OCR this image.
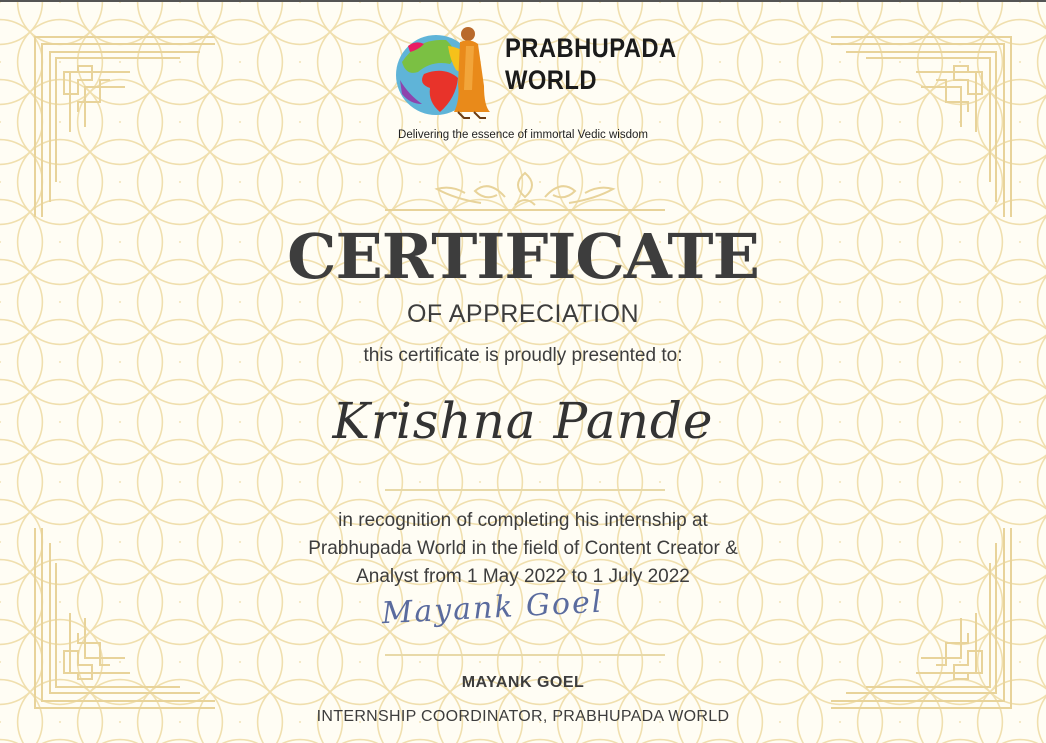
PRABHUPADA
WORLD
Delivering the essence of immortal Vedic wisdom
CERTIFICATE
OF APPRECIATION
this certificate is proudly presented to:
Krishna Pande
in recognition of completing his internship at
Prabhupada World in the field of Content Creator &
Analyst from 1 May 2022 to 1 July 2022
Mayank Goel
MAYANK GOEL
INTERNSHIP COORDINATOR, PRABHUPADA WORLD
